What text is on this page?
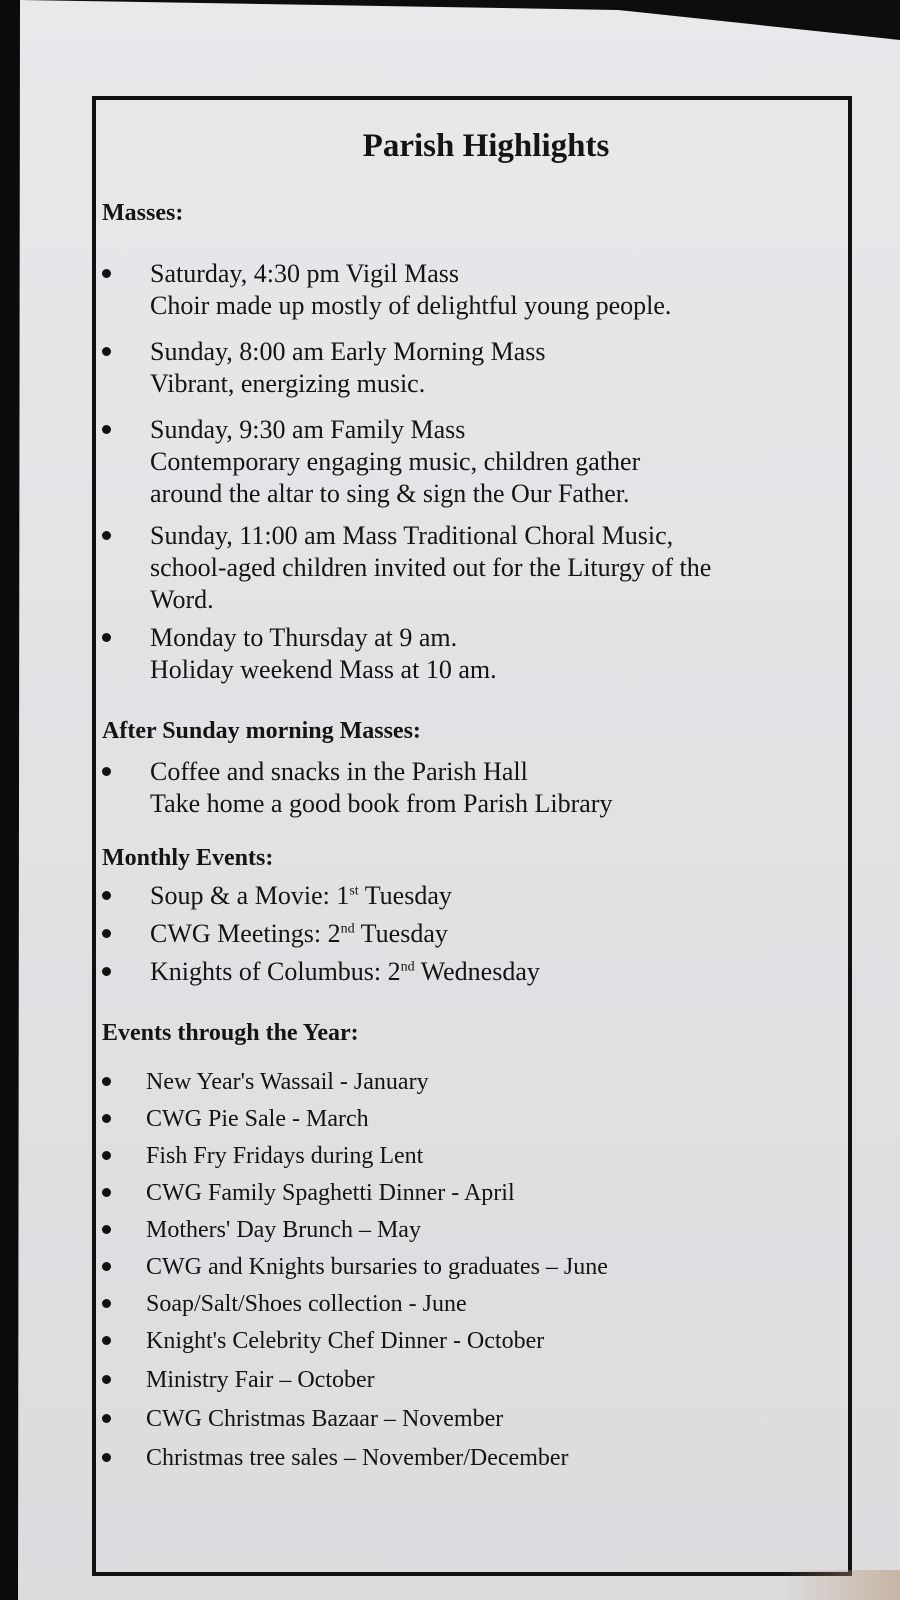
Parish Highlights
Masses:
Saturday, 4:30 pm Vigil Mass
Choir made up mostly of delightful young people.
Sunday, 8:00 am Early Morning Mass
Vibrant, energizing music.
Sunday, 9:30 am Family Mass
Contemporary engaging music, children gather
around the altar to sing & sign the Our Father.
Sunday, 11:00 am Mass Traditional Choral Music,
school-aged children invited out for the Liturgy of the
Word.
Monday to Thursday at 9 am.
Holiday weekend Mass at 10 am.
After Sunday morning Masses:
Coffee and snacks in the Parish Hall
Take home a good book from Parish Library
Monthly Events:
Soup & a Movie: 1st Tuesday
CWG Meetings: 2nd Tuesday
Knights of Columbus: 2nd Wednesday
Events through the Year:
New Year's Wassail - January
CWG Pie Sale - March
Fish Fry Fridays during Lent
CWG Family Spaghetti Dinner - April
Mothers' Day Brunch – May
CWG and Knights bursaries to graduates – June
Soap/Salt/Shoes collection - June
Knight's Celebrity Chef Dinner - October
Ministry Fair – October
CWG Christmas Bazaar – November
Christmas tree sales – November/December
